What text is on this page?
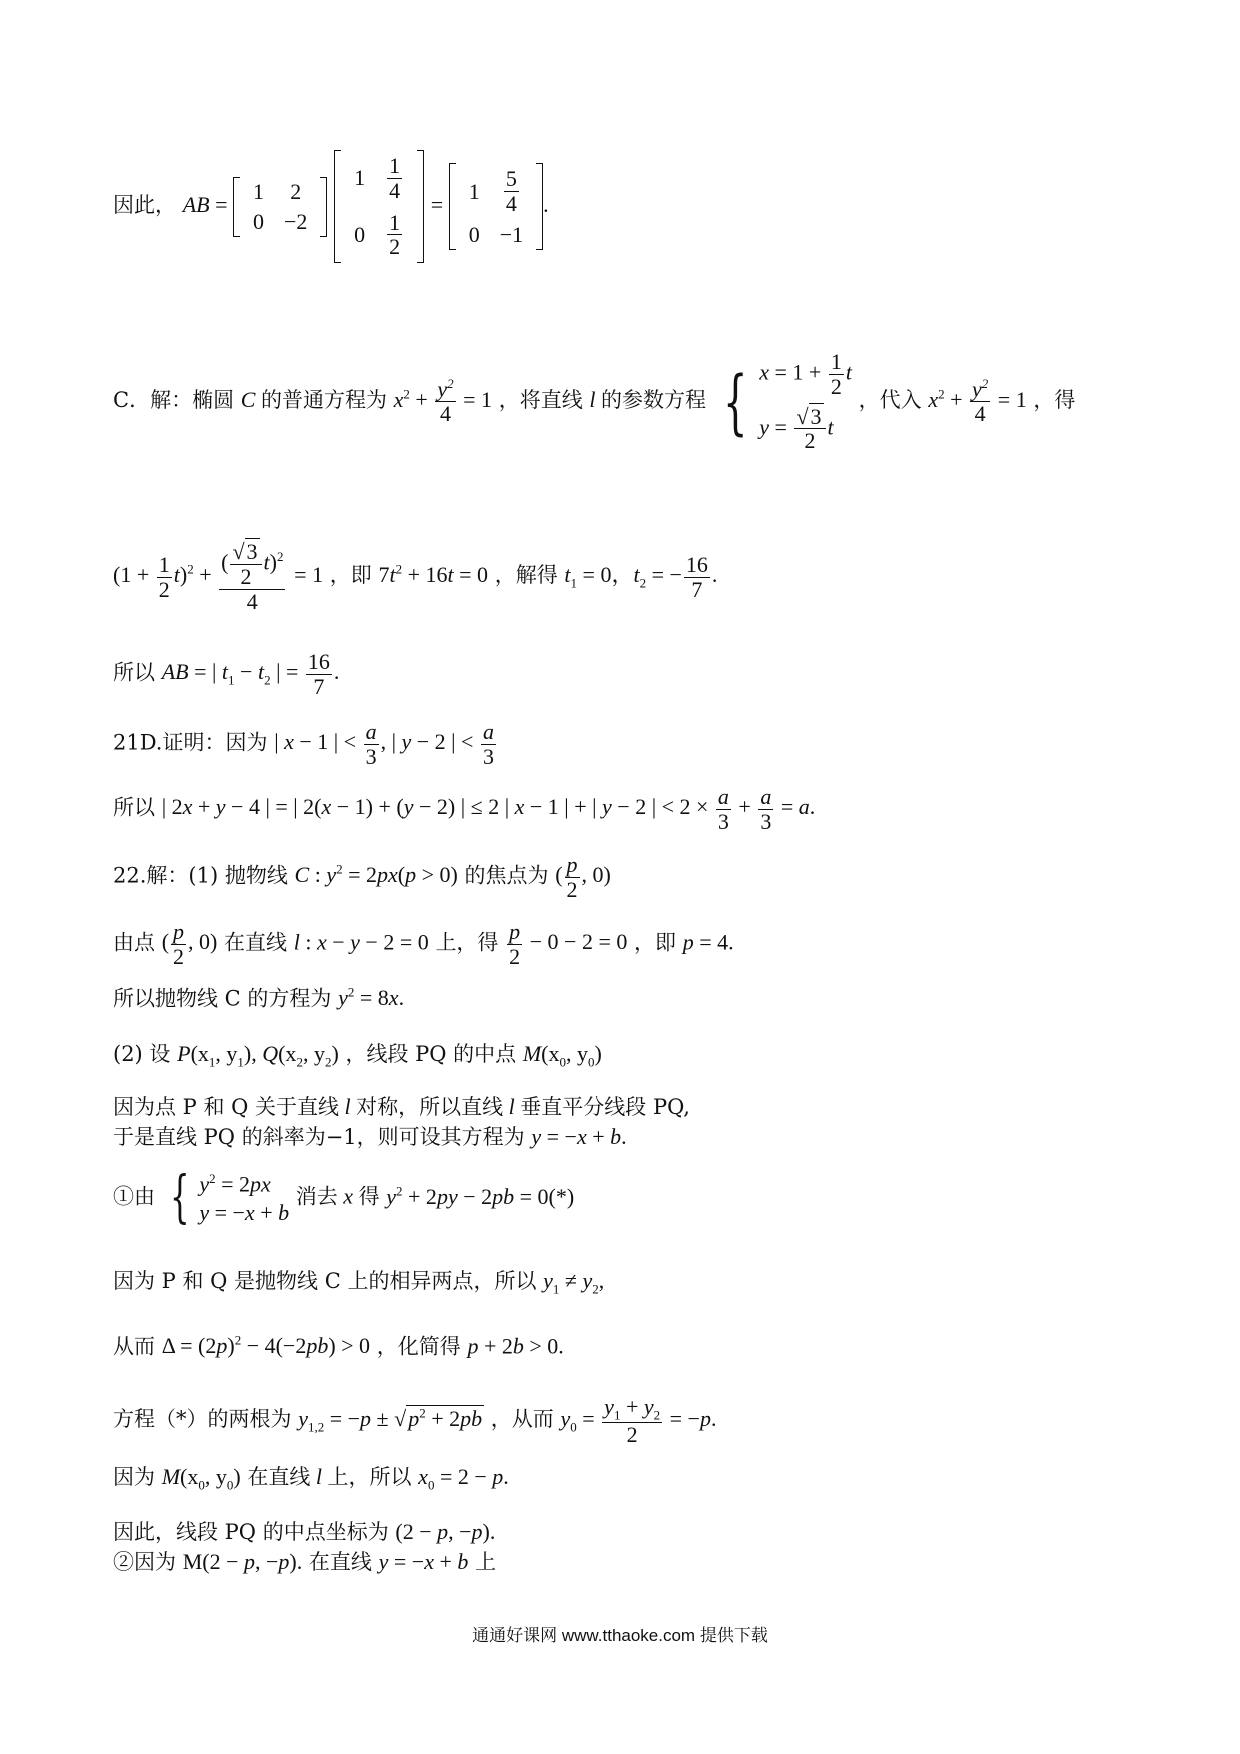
因此， AB =
1	2
0	−2

1	$\frac{1}{4}$

0	$\frac{1}{2}$
=
1	$\frac{5}{4}$

0	−1
.
C．解：椭圆 C 的普通方程为 $x^2 + \frac{y^2}{4} = 1$ ，将直线 l 的参数方程 { $x = 1 + \frac{1}{2}$ t
$y = \frac{√3}{2}$ t
，代入 $x^2 + \frac{y^2}{4} = 1$ ，得
$(1 + \frac{1}{2} t)^2 + \frac{( \frac{√3}{2} t)^2}{4} = 1$ ，即 $7t^2 + 16t = 0$ ，解得 $t_1 = 0$，$t_2$ = − $\frac{16}{7}$ .
所以 AB = | $t_1 - t_2$ | = $\frac{16}{7}$ .
21D.证明：因为 | x − 1 | < $\frac{a}{3}$ , | y − 2 | < $\frac{a}{3}$
所以 | 2x + y − 4 | = | 2(x − 1) + (y − 2) | ≤ 2 | x − 1 | + | y − 2 | < $2 \times \frac{a}{3} + \frac{a}{3} = a$.
22.解：(1) 抛物线 C : $y^2 = 2px(p > 0)$ 的焦点为 ( $\frac{p}{2}$ , 0)
由点 ( $\frac{p}{2}$ , 0) 在直线 l : x − y − 2 = 0 上，得 $\frac{p}{2} - 0 - 2 = 0$ ，即 p = 4.
所以抛物线 C 的方程为 $y^2 = 8x$.
(2) 设 $P(x_1$, $y_1$), $Q(x_2$, $y_2$) ，线段 PQ 的中点 $M(x_0$, $y_0$)
因为点 P 和 Q 关于直线 l 对称，所以直线 l 垂直平分线段 PQ,
于是直线 PQ 的斜率为−1，则可设其方程为 y = −x + b.
①由 { $y^2 = 2px$
y = −x + b
消去 x 得 $y^2 + 2py - 2pb = 0(*)$
因为 P 和 Q 是抛物线 C 上的相异两点，所以 $y_1 \ne y_2$,
从而 $\Delta = (2p)^2 - 4(-2pb) > 0$ ，化简得 p + 2b > 0.
方程（*）的两根为 $y_{1,2} = -p \pm √p^2 + 2pb$ ，从而 $y_0 = \frac{y_1 + y_2}{2} = -p$.
因为 $M(x_0$, $y_0$) 在直线 l 上，所以 $x_0 = 2 - p$.
因此，线段 PQ 的中点坐标为 (2 − p, −p).
②因为 M(2 − p, −p). 在直线 y = −x + b 上
通通好课网 www.tthaoke.com 提供下载
